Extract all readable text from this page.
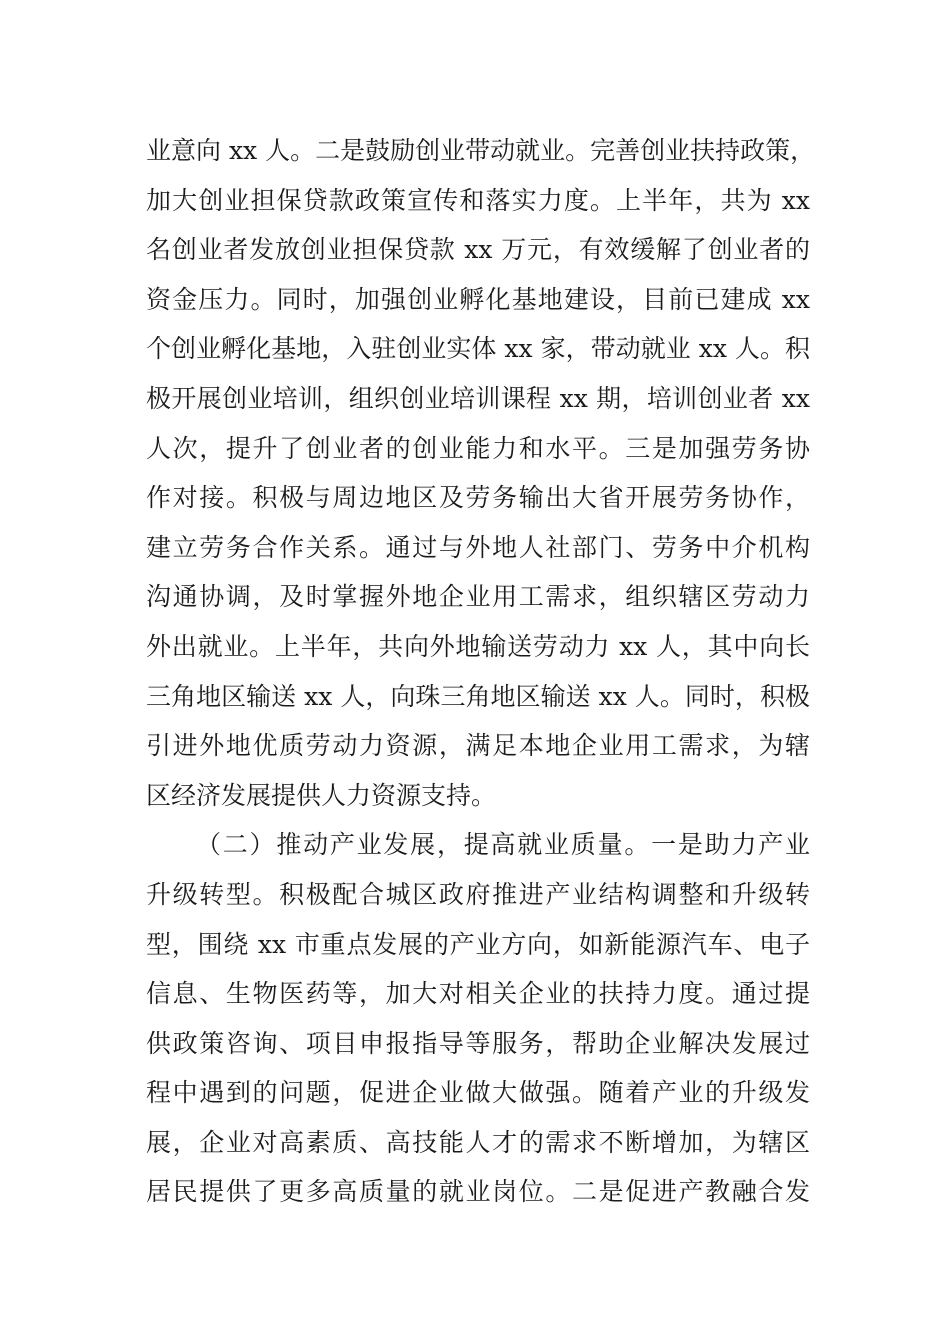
业意向 xx 人。二是鼓励创业带动就业。完善创业扶持政策，
加大创业担保贷款政策宣传和落实力度。上半年，共为 xx
名创业者发放创业担保贷款 xx 万元，有效缓解了创业者的
资金压力。同时，加强创业孵化基地建设，目前已建成 xx
个创业孵化基地，入驻创业实体 xx 家，带动就业 xx 人。积
极开展创业培训，组织创业培训课程 xx 期，培训创业者 xx
人次，提升了创业者的创业能力和水平。三是加强劳务协
作对接。积极与周边地区及劳务输出大省开展劳务协作，
建立劳务合作关系。通过与外地人社部门、劳务中介机构
沟通协调，及时掌握外地企业用工需求，组织辖区劳动力
外出就业。上半年，共向外地输送劳动力 xx 人，其中向长
三角地区输送 xx 人，向珠三角地区输送 xx 人。同时，积极
引进外地优质劳动力资源，满足本地企业用工需求，为辖
区经济发展提供人力资源支持。
（二）推动产业发展，提高就业质量。一是助力产业
升级转型。积极配合城区政府推进产业结构调整和升级转
型，围绕 xx 市重点发展的产业方向，如新能源汽车、电子
信息、生物医药等，加大对相关企业的扶持力度。通过提
供政策咨询、项目申报指导等服务，帮助企业解决发展过
程中遇到的问题，促进企业做大做强。随着产业的升级发
展，企业对高素质、高技能人才的需求不断增加，为辖区
居民提供了更多高质量的就业岗位。二是促进产教融合发
